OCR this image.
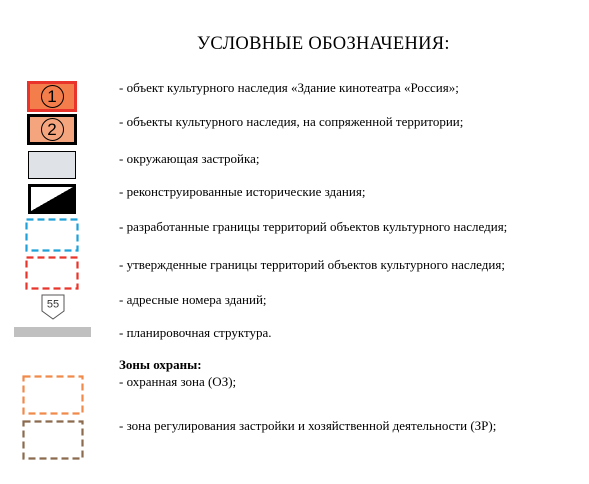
УСЛОВНЫЕ ОБОЗНАЧЕНИЯ:
1	- объект культурного наследия «Здание кинотеатра «Россия»;
2	- объекты культурного наследия, на сопряженной территории;
- окружающая застройка;
- реконструированные исторические здания;
- разработанные границы территорий объектов культурного наследия;
- утвержденные границы территорий объектов культурного наследия;
55	- адресные номера зданий;
- планировочная структура.
Зоны охраны:
- охранная зона (ОЗ);
- зона регулирования застройки и хозяйственной деятельности (ЗР);
